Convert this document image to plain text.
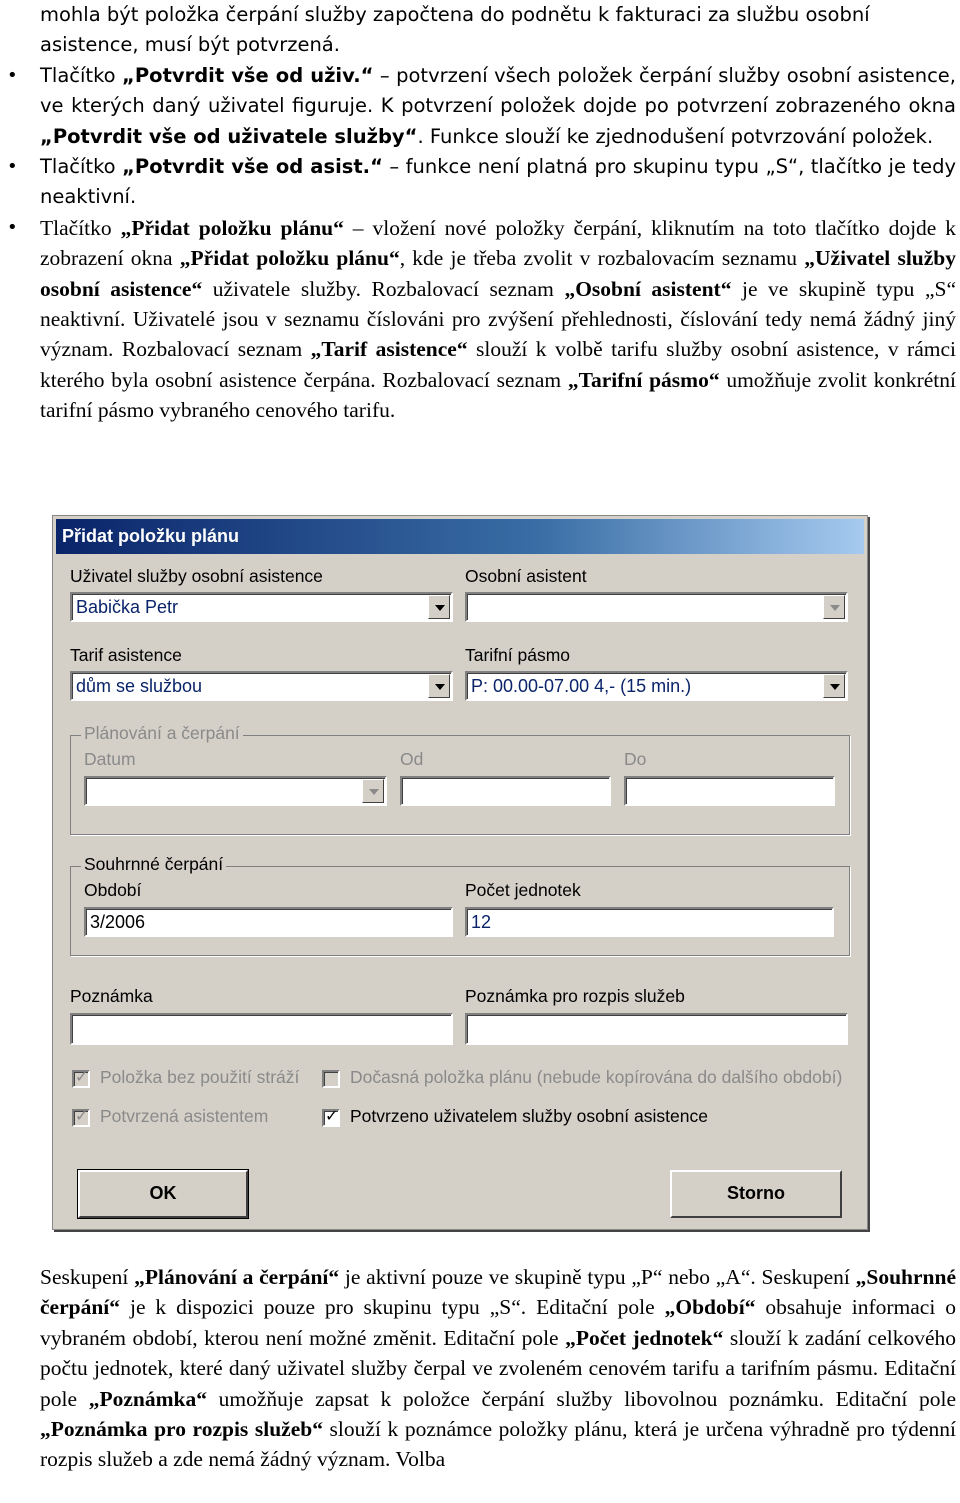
mohla být položka čerpání služby započtena do podnětu k fakturaci za službu osobní
asistence, musí být potvrzená.

• Tlačítko „ Potvrdit vše od uživ. “ – potvrzení všech položek čerpání služby osobní asistence, ve kterých daný uživatel figuruje. K potvrzení položek dojde po potvrzení zobrazeného okna „ Potvrdit vše od uživatele služby “ . Funkce slouží ke zjednodušení potvrzování položek.

• Tlačítko „ Potvrdit vše od asist. “ – funkce není platná pro skupinu typu „ S “ , tlačítko je tedy neaktivní.

• Tlačítko „ Přidat položku plánu “ – vložení nové položky čerpání, kliknutím na toto tlačítko dojde k zobrazení okna „ Přidat položku plánu “ , kde je třeba zvolit v rozbalovacím seznamu „ Uživatel služby osobní asistence “ uživatele služby. Rozbalovací seznam „ Osobní asistent “ je ve skupině typu „ S “ neaktivní. Uživatelé jsou v seznamu číslováni pro zvýšení přehlednosti, číslování tedy nemá žádný jiný význam. Rozbalovací seznam „ Tarif asistence “ slouží k volbě tarifu služby osobní asistence, v rámci kterého byla osobní asistence čerpána. Rozbalovací seznam „ Tarifní pásmo “ umožňuje zvolit konkrétní tarifní pásmo vybraného cenového tarifu.

Přidat položku plánu
Uživatel služby osobní asistence
Babička Petr
Osobní asistent
Tarif asistence
dům se službou
Tarifní pásmo
P: 00.00-07.00 4,- (15 min.)
Plánování a čerpání
Datum	Od	Do
Souhrnné čerpání
Období
3/2006
Počet jednotek
12
Poznámka	Poznámka pro rozpis služeb
✓
Položka bez použití stráží	Dočasná položka plánu (nebude kopírována do dalšího období)
✓
Potvrzená asistentem
✓	Potvrzeno uživatelem služby osobní asistence
OK	Storno

Seskupení „ Plánování a čerpání “ je aktivní pouze ve skupině typu „ P “ nebo „ A “ . Seskupení „ Souhrnné čerpání “ je k dispozici pouze pro skupinu typu „ S “ . Editační pole „ Období “ obsahuje informaci o vybraném období, kterou není možné změnit. Editační pole „ Počet jednotek “ slouží k zadání celkového počtu jednotek, které daný uživatel služby čerpal ve zvoleném cenovém tarifu a tarifním pásmu. Editační pole „ Poznámka “ umožňuje zapsat k položce čerpání služby libovolnou poznámku. Editační pole „ Poznámka pro rozpis služeb “ slouží k poznámce položky plánu, která je určena výhradně pro týdenní rozpis služeb a zde nemá žádný význam. Volba
